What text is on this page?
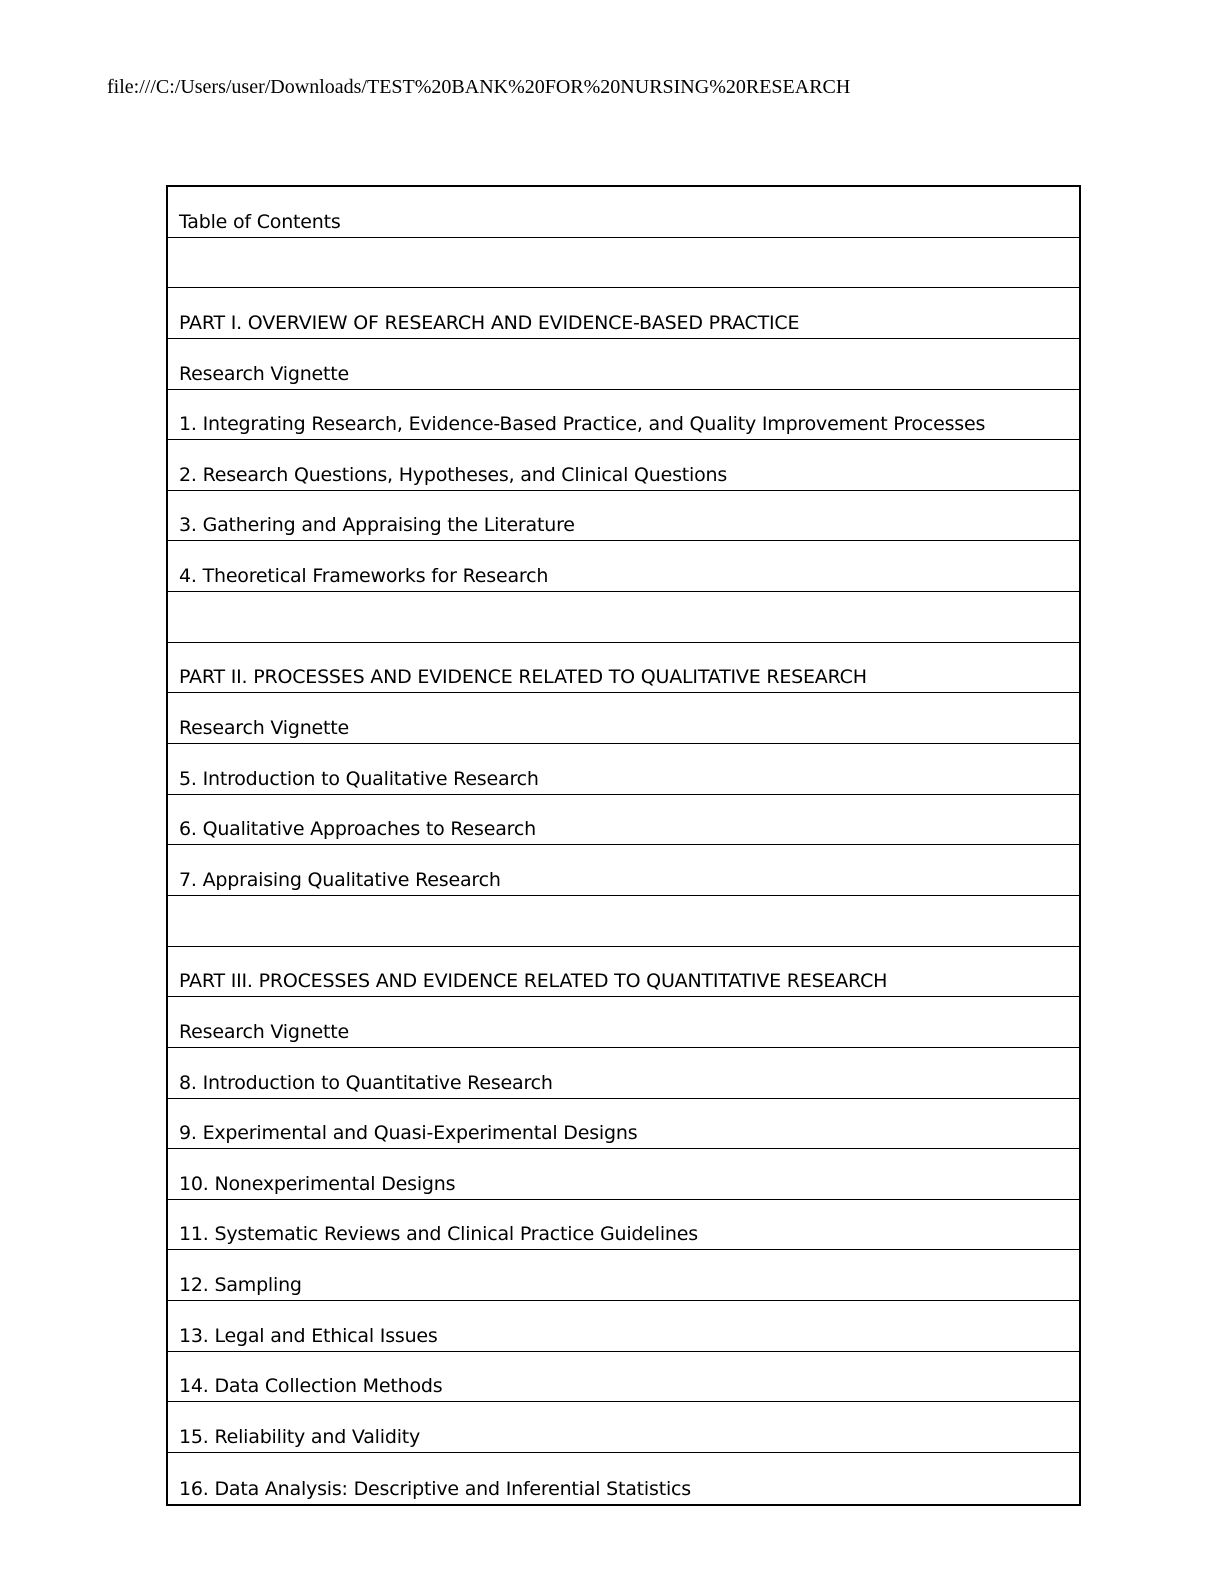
file:///C:/Users/user/Downloads/TEST%20BANK%20FOR%20NURSING%20RESEARCH
Table of Contents
PART I. OVERVIEW OF RESEARCH AND EVIDENCE-BASED PRACTICE
Research Vignette
1. Integrating Research, Evidence-Based Practice, and Quality Improvement Processes
2. Research Questions, Hypotheses, and Clinical Questions
3. Gathering and Appraising the Literature
4. Theoretical Frameworks for Research
PART II. PROCESSES AND EVIDENCE RELATED TO QUALITATIVE RESEARCH
Research Vignette
5. Introduction to Qualitative Research
6. Qualitative Approaches to Research
7. Appraising Qualitative Research
PART III. PROCESSES AND EVIDENCE RELATED TO QUANTITATIVE RESEARCH
Research Vignette
8. Introduction to Quantitative Research
9. Experimental and Quasi-Experimental Designs
10. Nonexperimental Designs
11. Systematic Reviews and Clinical Practice Guidelines
12. Sampling
13. Legal and Ethical Issues
14. Data Collection Methods
15. Reliability and Validity
16. Data Analysis: Descriptive and Inferential Statistics
